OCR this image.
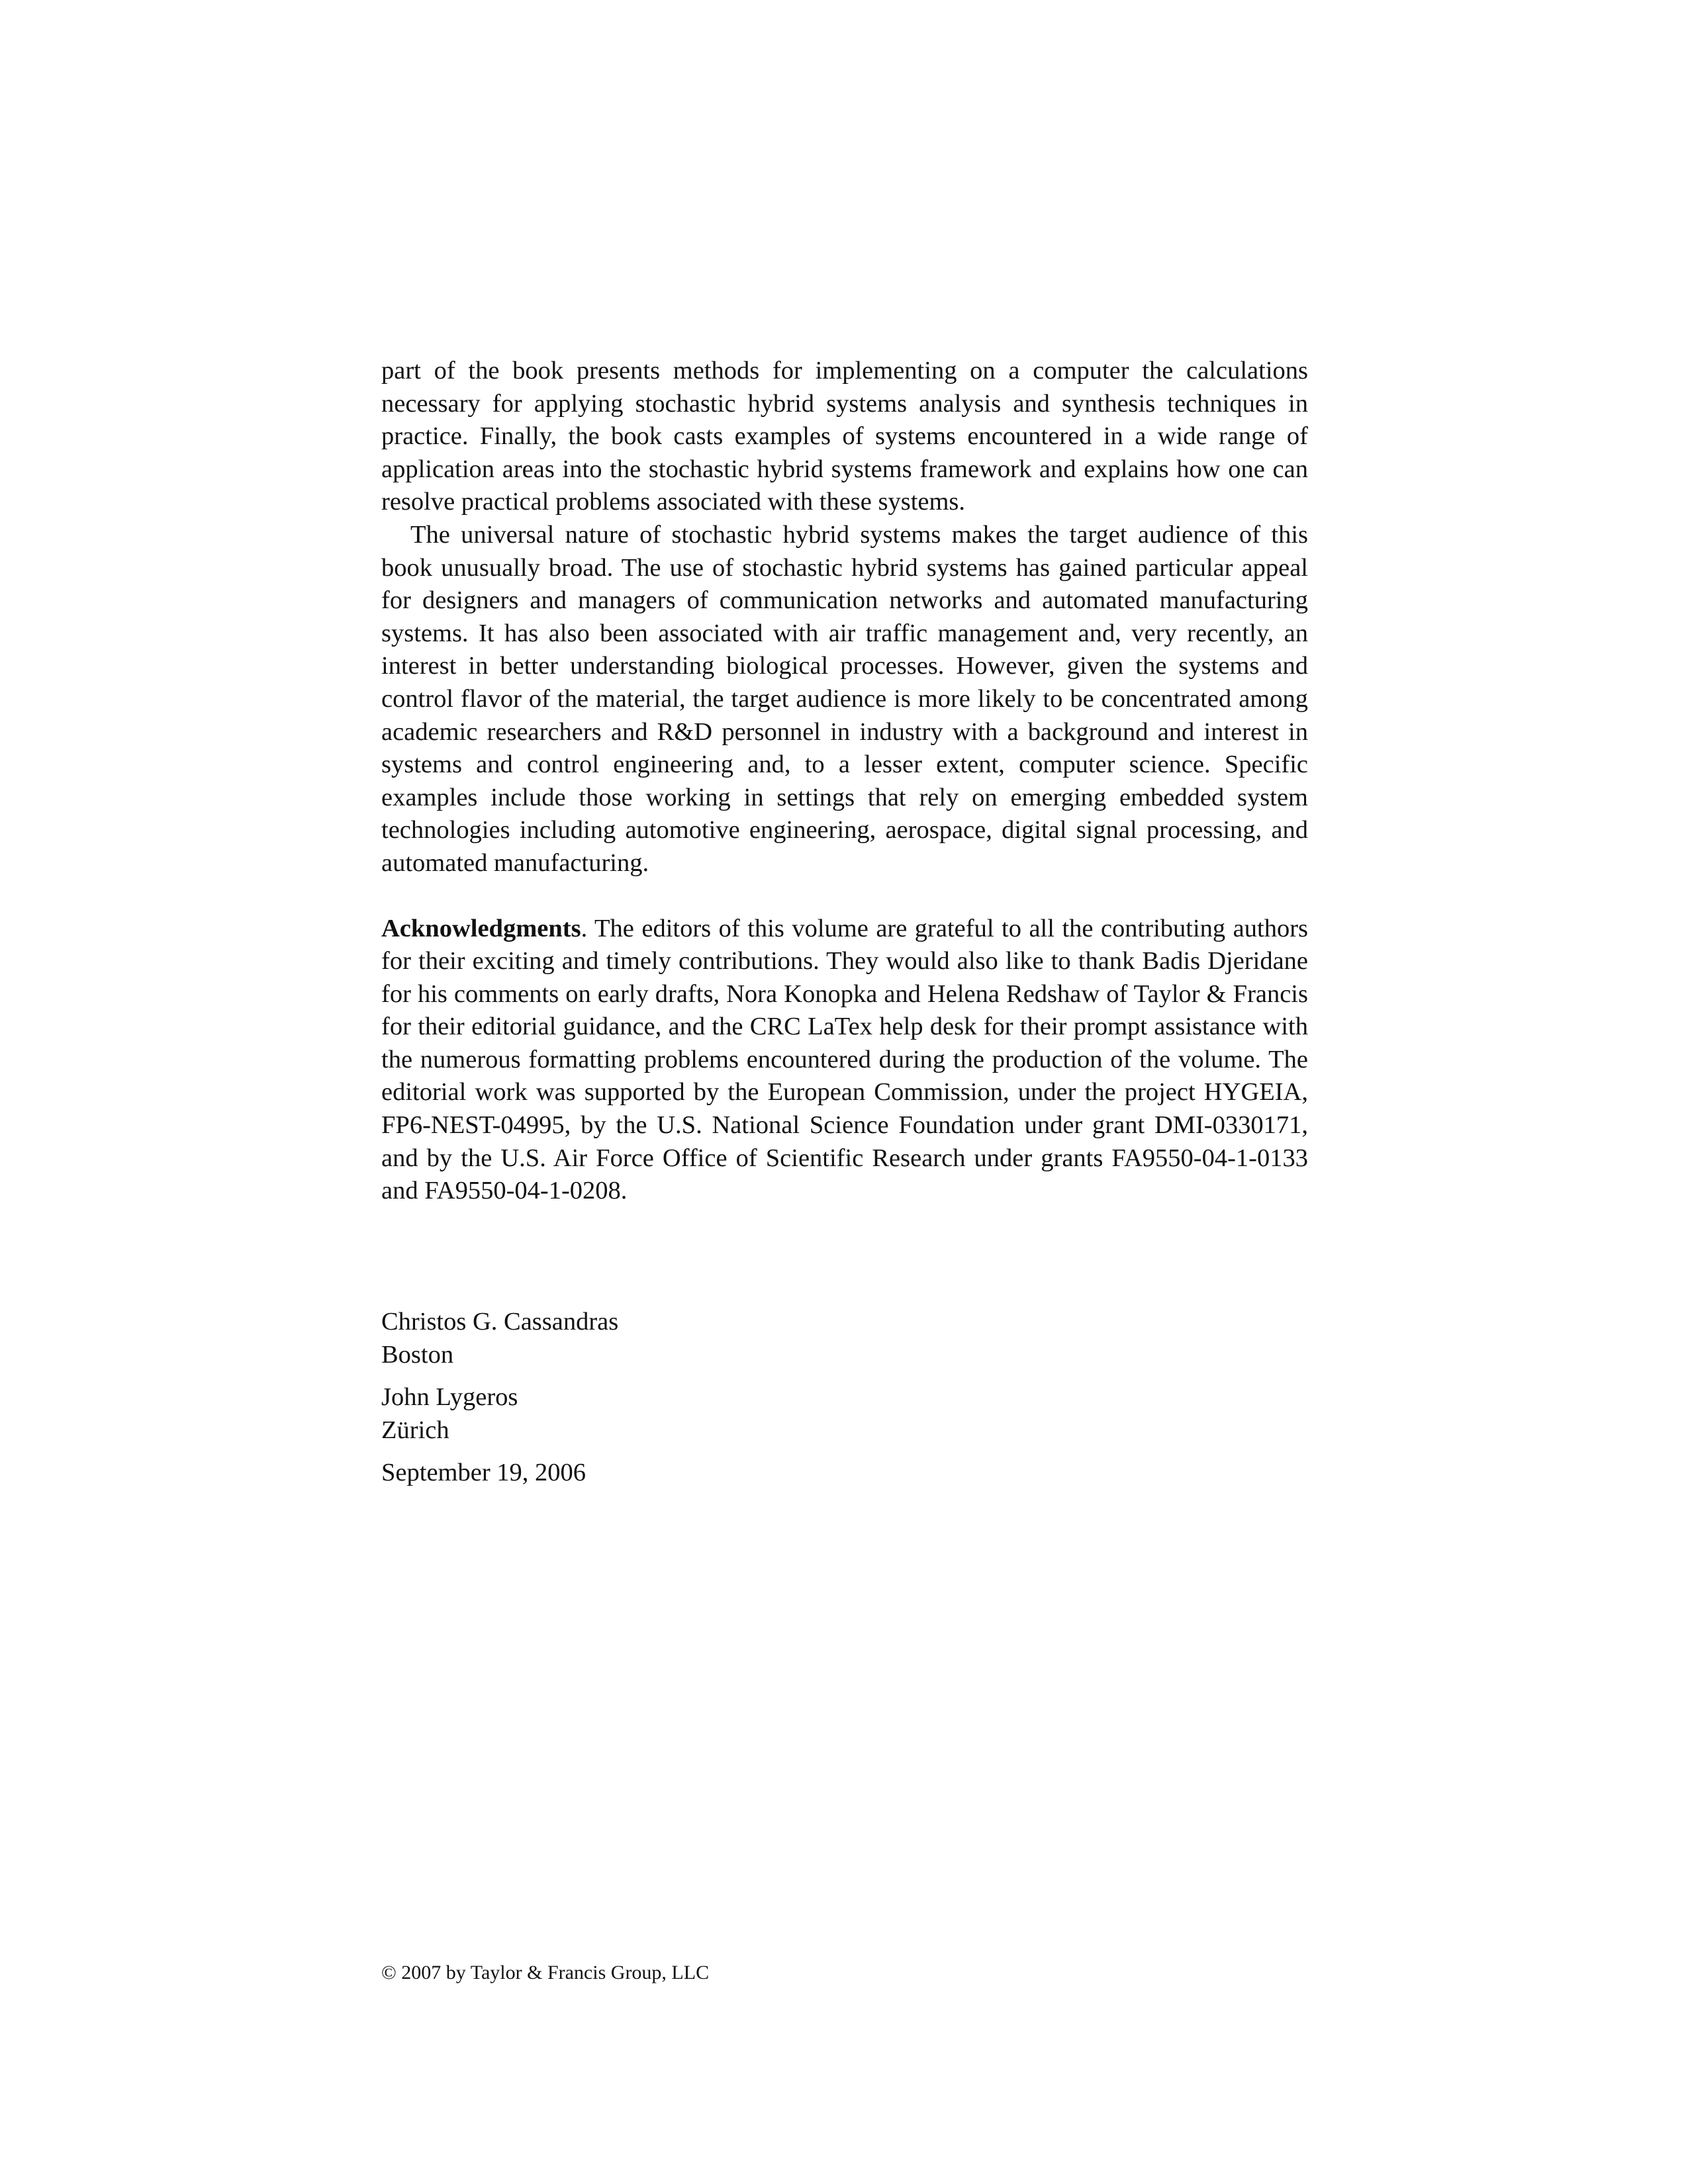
part of the book presents methods for implementing on a computer the calculations necessary for applying stochastic hybrid systems analysis and synthesis techniques in practice. Finally, the book casts examples of systems encountered in a wide range of application areas into the stochastic hybrid systems framework and explains how one can resolve practical problems associated with these systems.

The universal nature of stochastic hybrid systems makes the target audience of this book unusually broad. The use of stochastic hybrid systems has gained particular appeal for designers and managers of communication networks and automated manufacturing systems. It has also been associated with air traffic management and, very recently, an interest in better understanding biological processes. However, given the systems and control flavor of the material, the target audience is more likely to be concentrated among academic researchers and R&D personnel in industry with a background and interest in systems and control engineering and, to a lesser extent, computer science. Specific examples include those working in settings that rely on emerging embedded system technologies including automotive engineering, aerospace, digital signal processing, and automated manufacturing.

Acknowledgments. The editors of this volume are grateful to all the contributing authors for their exciting and timely contributions. They would also like to thank Badis Djeridane for his comments on early drafts, Nora Konopka and Helena Redshaw of Taylor & Francis for their editorial guidance, and the CRC LaTex help desk for their prompt assistance with the numerous formatting problems encountered during the production of the volume. The editorial work was supported by the European Commission, under the project HYGEIA, FP6-NEST-04995, by the U.S. National Science Foundation under grant DMI-0330171, and by the U.S. Air Force Office of Scientific Research under grants FA9550-04-1-0133 and FA9550-04-1-0208.

Christos G. Cassandras
Boston
John Lygeros
Zürich
September 19, 2006
© 2007 by Taylor & Francis Group, LLC
